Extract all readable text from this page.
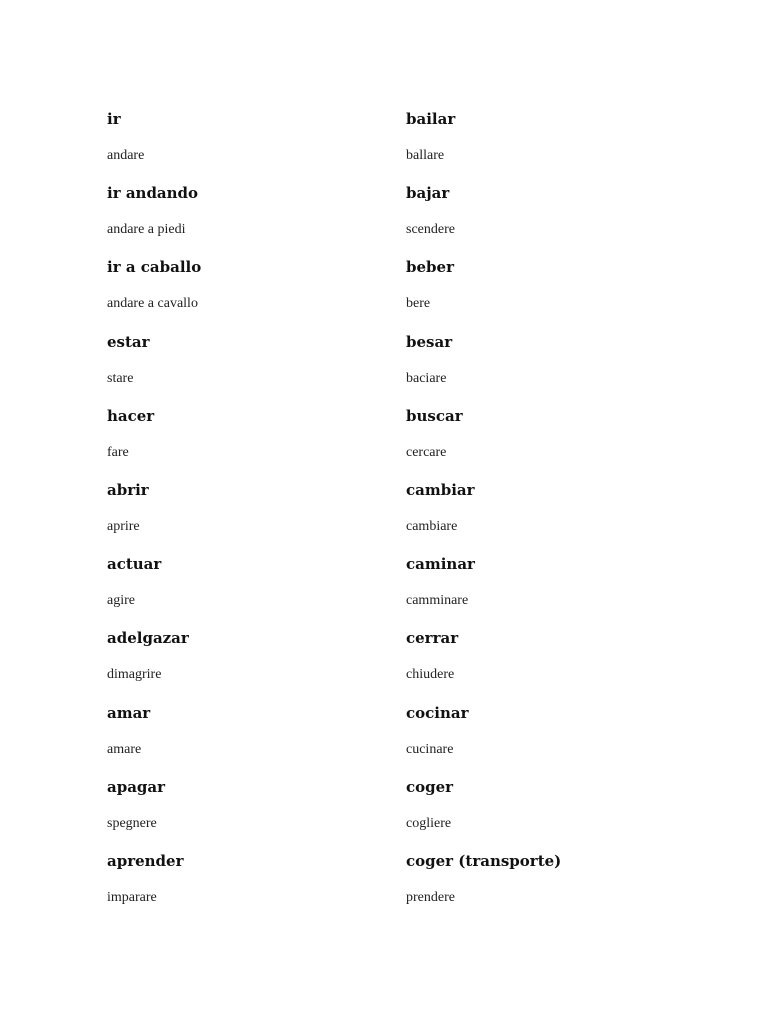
ir
andare
ir andando
andare a piedi
ir a caballo
andare a cavallo
estar
stare
hacer
fare
abrir
aprire
actuar
agire
adelgazar
dimagrire
amar
amare
apagar
spegnere
aprender
imparare
bailar
ballare
bajar
scendere
beber
bere
besar
baciare
buscar
cercare
cambiar
cambiare
caminar
camminare
cerrar
chiudere
cocinar
cucinare
coger
cogliere
coger (transporte)
prendere
